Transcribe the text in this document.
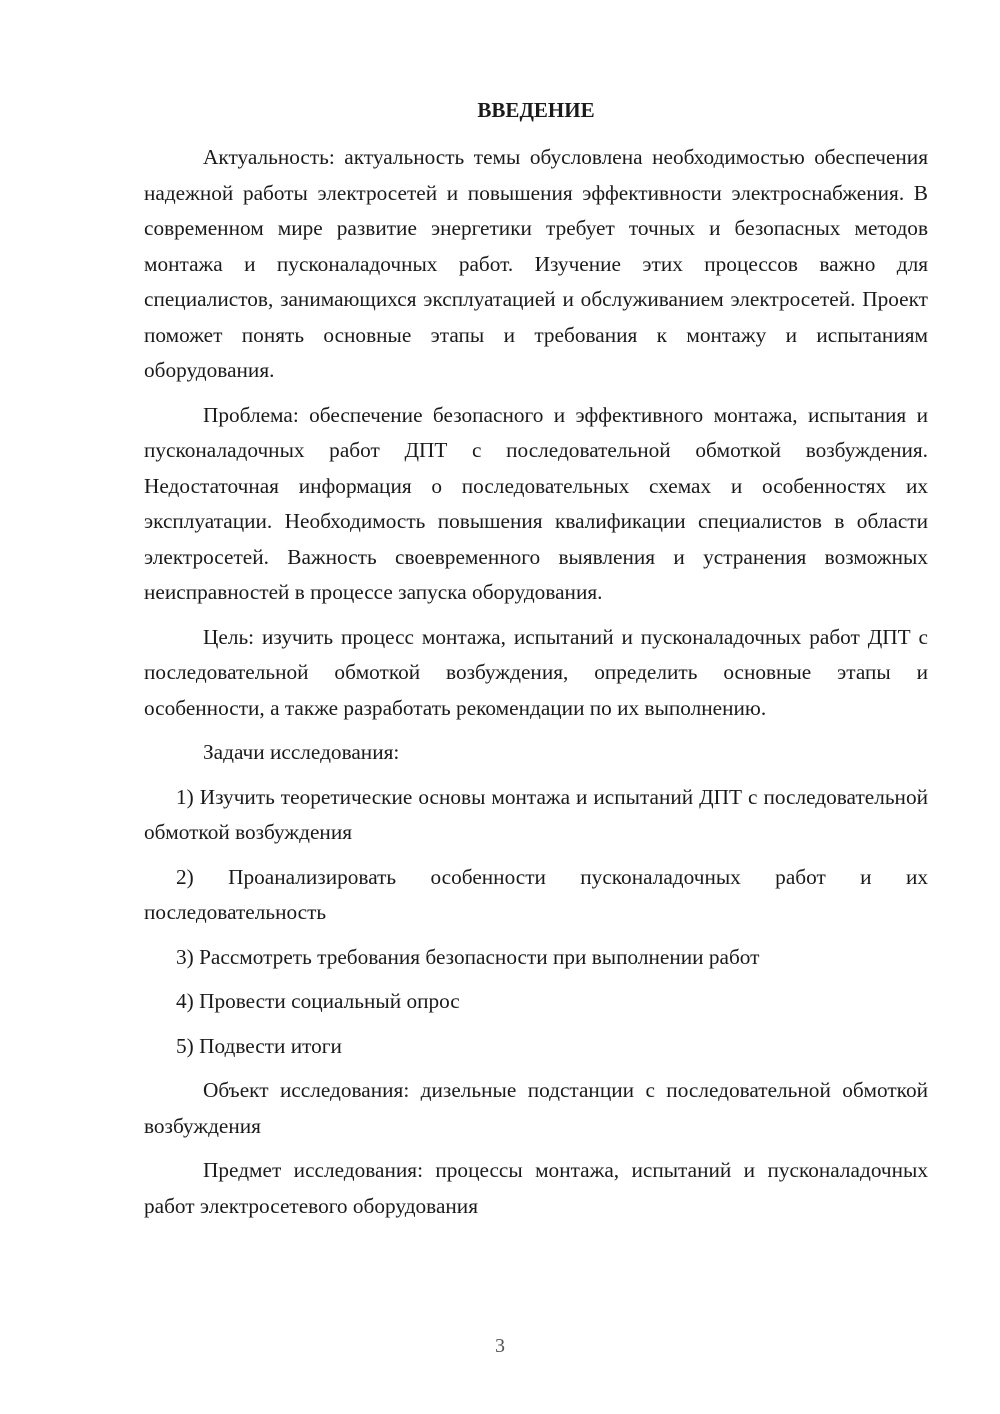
ВВЕДЕНИЕ

Актуальность: актуальность темы обусловлена необходимостью обеспечения надежной работы электросетей и повышения эффективности электроснабжения. В современном мире развитие энергетики требует точных и безопасных методов монтажа и пусконаладочных работ. Изучение этих процессов важно для специалистов, занимающихся эксплуатацией и обслуживанием электросетей. Проект поможет понять основные этапы и требования к монтажу и испытаниям оборудования.

Проблема: обеспечение безопасного и эффективного монтажа, испытания и пусконаладочных работ ДПТ с последовательной обмоткой возбуждения. Недостаточная информация о последовательных схемах и особенностях их эксплуатации. Необходимость повышения квалификации специалистов в области электросетей. Важность своевременного выявления и устранения возможных неисправностей в процессе запуска оборудования.

Цель: изучить процесс монтажа, испытаний и пусконаладочных работ ДПТ с последовательной обмоткой возбуждения, определить основные этапы и особенности, а также разработать рекомендации по их выполнению.

Задачи исследования:

1) Изучить теоретические основы монтажа и испытаний ДПТ с последовательной обмоткой возбуждения

2) Проанализировать особенности пусконаладочных работ и их последовательность

3) Рассмотреть требования безопасности при выполнении работ

4) Провести социальный опрос

5) Подвести итоги

Объект исследования: дизельные подстанции с последовательной обмоткой возбуждения

Предмет исследования: процессы монтажа, испытаний и пусконаладочных работ электросетевого оборудования

3
